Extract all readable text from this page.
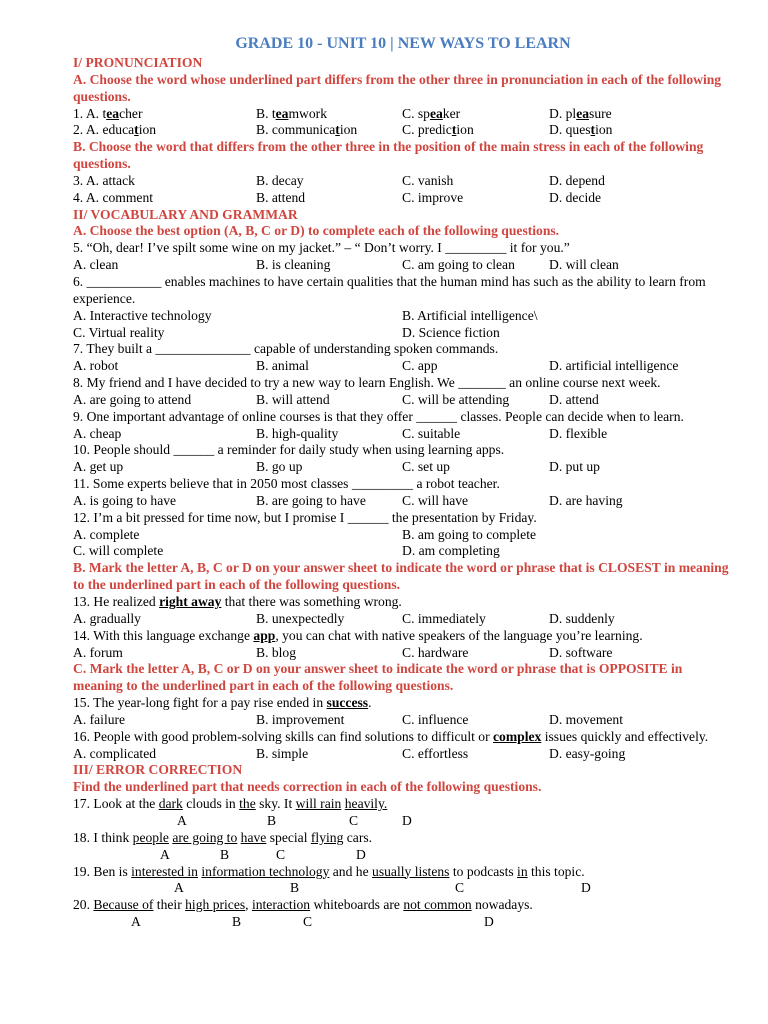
GRADE 10 - UNIT 10 | NEW WAYS TO LEARN
I/ PRONUNCIATION
A. Choose the word whose underlined part differs from the other three in pronunciation in each of the following questions.
1. A. teacher	B. teamwork	C. speaker	D. pleasure
2. A. education	B. communication	C. prediction	D. question
B. Choose the word that differs from the other three in the position of the main stress in each of the following questions.
3. A. attack	B. decay	C. vanish	D. depend
4. A. comment	B. attend	C. improve	D. decide
II/ VOCABULARY AND GRAMMAR
A. Choose the best option (A, B, C or D) to complete each of the following questions.
5. “Oh, dear! I’ve spilt some wine on my jacket.” – “ Don’t worry. I _________ it for you.”
A. clean	B. is cleaning	C. am going to clean	D. will clean
6. ___________ enables machines to have certain qualities that the human mind has such as the ability to learn from experience.
A. Interactive technology	B. Artificial intelligence\
C. Virtual reality	D. Science fiction
7. They built a ______________ capable of understanding spoken commands.
A. robot	B. animal	C. app	D. artificial intelligence
8. My friend and I have decided to try a new way to learn English. We _______ an online course next week.
A. are going to attend	B. will attend	C. will be attending	D. attend
9. One important advantage of online courses is that they offer ______ classes. People can decide when to learn.
A. cheap	B. high-quality	C. suitable	D. flexible
10. People should ______ a reminder for daily study when using learning apps.
A. get up	B. go up	C. set up	D. put up
11. Some experts believe that in 2050 most classes _________ a robot teacher.
A. is going to have	B. are going to have	C. will have	D. are having
12. I’m a bit pressed for time now, but I promise I ______ the presentation by Friday.
A. complete	B. am going to complete
C. will complete	D. am completing
B. Mark the letter A, B, C or D on your answer sheet to indicate the word or phrase that is CLOSEST in meaning to the underlined part in each of the following questions.
13. He realized right away that there was something wrong.
A. gradually	B. unexpectedly	C. immediately	D. suddenly
14. With this language exchange app, you can chat with native speakers of the language you’re learning.
A. forum	B. blog	C. hardware	D. software
C. Mark the letter A, B, C or D on your answer sheet to indicate the word or phrase that is OPPOSITE in meaning to the underlined part in each of the following questions.
15. The year-long fight for a pay rise ended in success.
A. failure	B. improvement	C. influence	D. movement
16. People with good problem-solving skills can find solutions to difficult or complex issues quickly and effectively.
A. complicated	B. simple	C. effortless	D. easy-going
III/ ERROR CORRECTION
Find the underlined part that needs correction in each of the following questions.
17. Look at the dark clouds in the sky. It will rain heavily.
A	B	C	D
18. I think people are going to have special flying cars.
A	B	C	D
19. Ben is interested in information technology and he usually listens to podcasts in this topic.
A	B	C	D
20. Because of their high prices, interaction whiteboards are not common nowadays.
A	B	C	D
